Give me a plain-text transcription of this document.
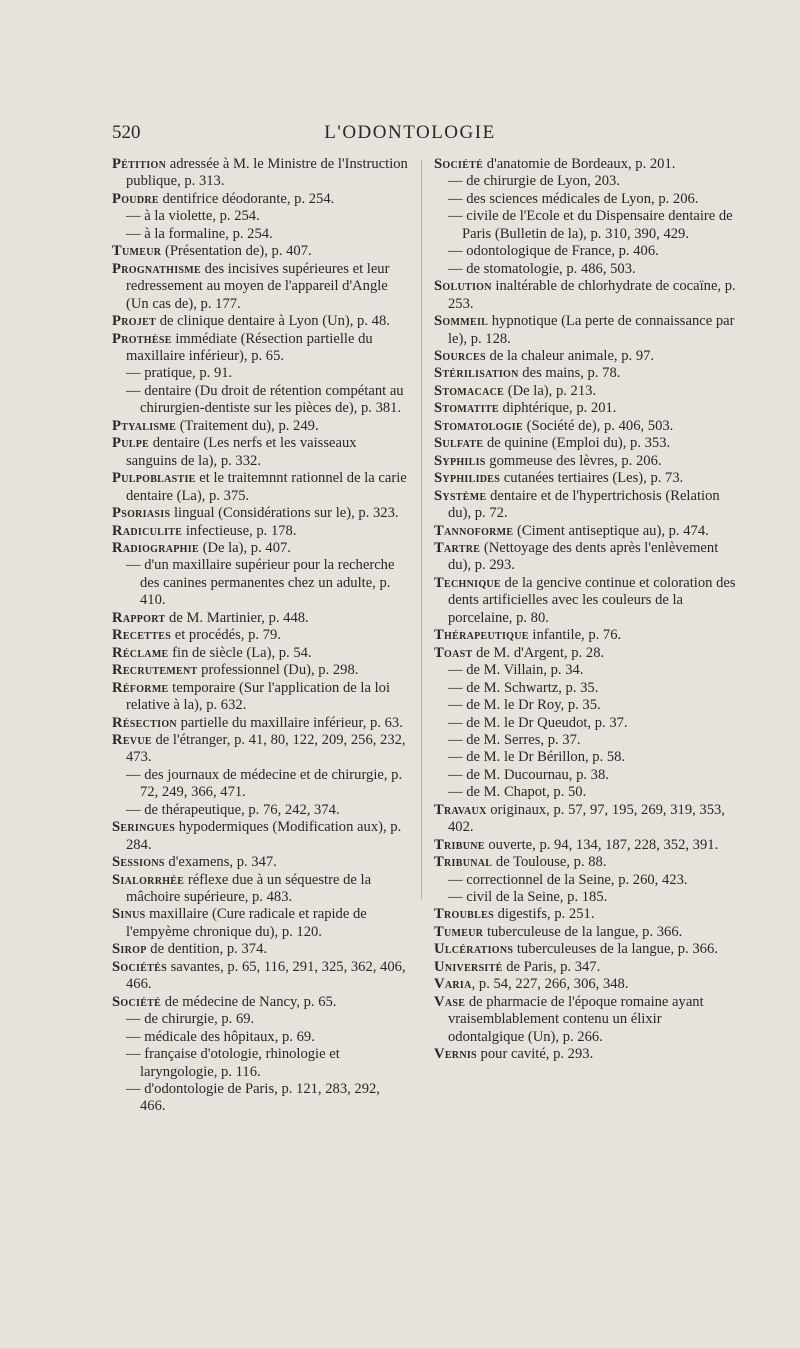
520	L'ODONTOLOGIE

Pétition adressée à M. le Ministre de l'Instruction publique, p. 313.

Poudre dentifrice déodorante, p. 254.

— à la violette, p. 254.

— à la formaline, p. 254.

Tumeur (Présentation de), p. 407.

Prognathisme des incisives supérieures et leur redressement au moyen de l'appareil d'Angle (Un cas de), p. 177.

Projet de clinique dentaire à Lyon (Un), p. 48.

Prothèse immédiate (Résection partielle du maxillaire inférieur), p. 65.

— pratique, p. 91.

— dentaire (Du droit de rétention compétant au chirurgien-dentiste sur les pièces de), p. 381.

Ptyalisme (Traitement du), p. 249.

Pulpe dentaire (Les nerfs et les vaisseaux sanguins de la), p. 332.

Pulpoblastie et le traitemnnt rationnel de la carie dentaire (La), p. 375.

Psoriasis lingual (Considérations sur le), p. 323.

Radiculite infectieuse, p. 178.

Radiographie (De la), p. 407.

— d'un maxillaire supérieur pour la recherche des canines permanentes chez un adulte, p. 410.

Rapport de M. Martinier, p. 448.

Recettes et procédés, p. 79.

Réclame fin de siècle (La), p. 54.

Recrutement professionnel (Du), p. 298.

Réforme temporaire (Sur l'application de la loi relative à la), p. 632.

Résection partielle du maxillaire inférieur, p. 63.

Revue de l'étranger, p. 41, 80, 122, 209, 256, 232, 473.

— des journaux de médecine et de chirurgie, p. 72, 249, 366, 471.

— de thérapeutique, p. 76, 242, 374.

Seringues hypodermiques (Modification aux), p. 284.

Sessions d'examens, p. 347.

Sialorrhée réflexe due à un séquestre de la mâchoire supérieure, p. 483.

Sinus maxillaire (Cure radicale et rapide de l'empyème chronique du), p. 120.

Sirop de dentition, p. 374.

Sociétés savantes, p. 65, 116, 291, 325, 362, 406, 466.

Société de médecine de Nancy, p. 65.

— de chirurgie, p. 69.

— médicale des hôpitaux, p. 69.

— française d'otologie, rhinologie et laryngologie, p. 116.

— d'odontologie de Paris, p. 121, 283, 292, 466.

Société d'anatomie de Bordeaux, p. 201.

— de chirurgie de Lyon, 203.

— des sciences médicales de Lyon, p. 206.

— civile de l'Ecole et du Dispensaire dentaire de Paris (Bulletin de la), p. 310, 390, 429.

— odontologique de France, p. 406.

— de stomatologie, p. 486, 503.

Solution inaltérable de chlorhydrate de cocaïne, p. 253.

Sommeil hypnotique (La perte de connaissance par le), p. 128.

Sources de la chaleur animale, p. 97.

Stérilisation des mains, p. 78.

Stomacace (De la), p. 213.

Stomatite diphtérique, p. 201.

Stomatologie (Société de), p. 406, 503.

Sulfate de quinine (Emploi du), p. 353.

Syphilis gommeuse des lèvres, p. 206.

Syphilides cutanées tertiaires (Les), p. 73.

Système dentaire et de l'hypertrichosis (Relation du), p. 72.

Tannoforme (Ciment antiseptique au), p. 474.

Tartre (Nettoyage des dents après l'enlèvement du), p. 293.

Technique de la gencive continue et coloration des dents artificielles avec les couleurs de la porcelaine, p. 80.

Thérapeutique infantile, p. 76.

Toast de M. d'Argent, p. 28.

— de M. Villain, p. 34.

— de M. Schwartz, p. 35.

— de M. le Dr Roy, p. 35.

— de M. le Dr Queudot, p. 37.

— de M. Serres, p. 37.

— de M. le Dr Bérillon, p. 58.

— de M. Ducournau, p. 38.

— de M. Chapot, p. 50.

Travaux originaux, p. 57, 97, 195, 269, 319, 353, 402.

Tribune ouverte, p. 94, 134, 187, 228, 352, 391.

Tribunal de Toulouse, p. 88.

— correctionnel de la Seine, p. 260, 423.

— civil de la Seine, p. 185.

Troubles digestifs, p. 251.

Tumeur tuberculeuse de la langue, p. 366.

Ulcérations tuberculeuses de la langue, p. 366.

Université de Paris, p. 347.

Varia, p. 54, 227, 266, 306, 348.

Vase de pharmacie de l'époque romaine ayant vraisemblablement contenu un élixir odontalgique (Un), p. 266.

Vernis pour cavité, p. 293.
